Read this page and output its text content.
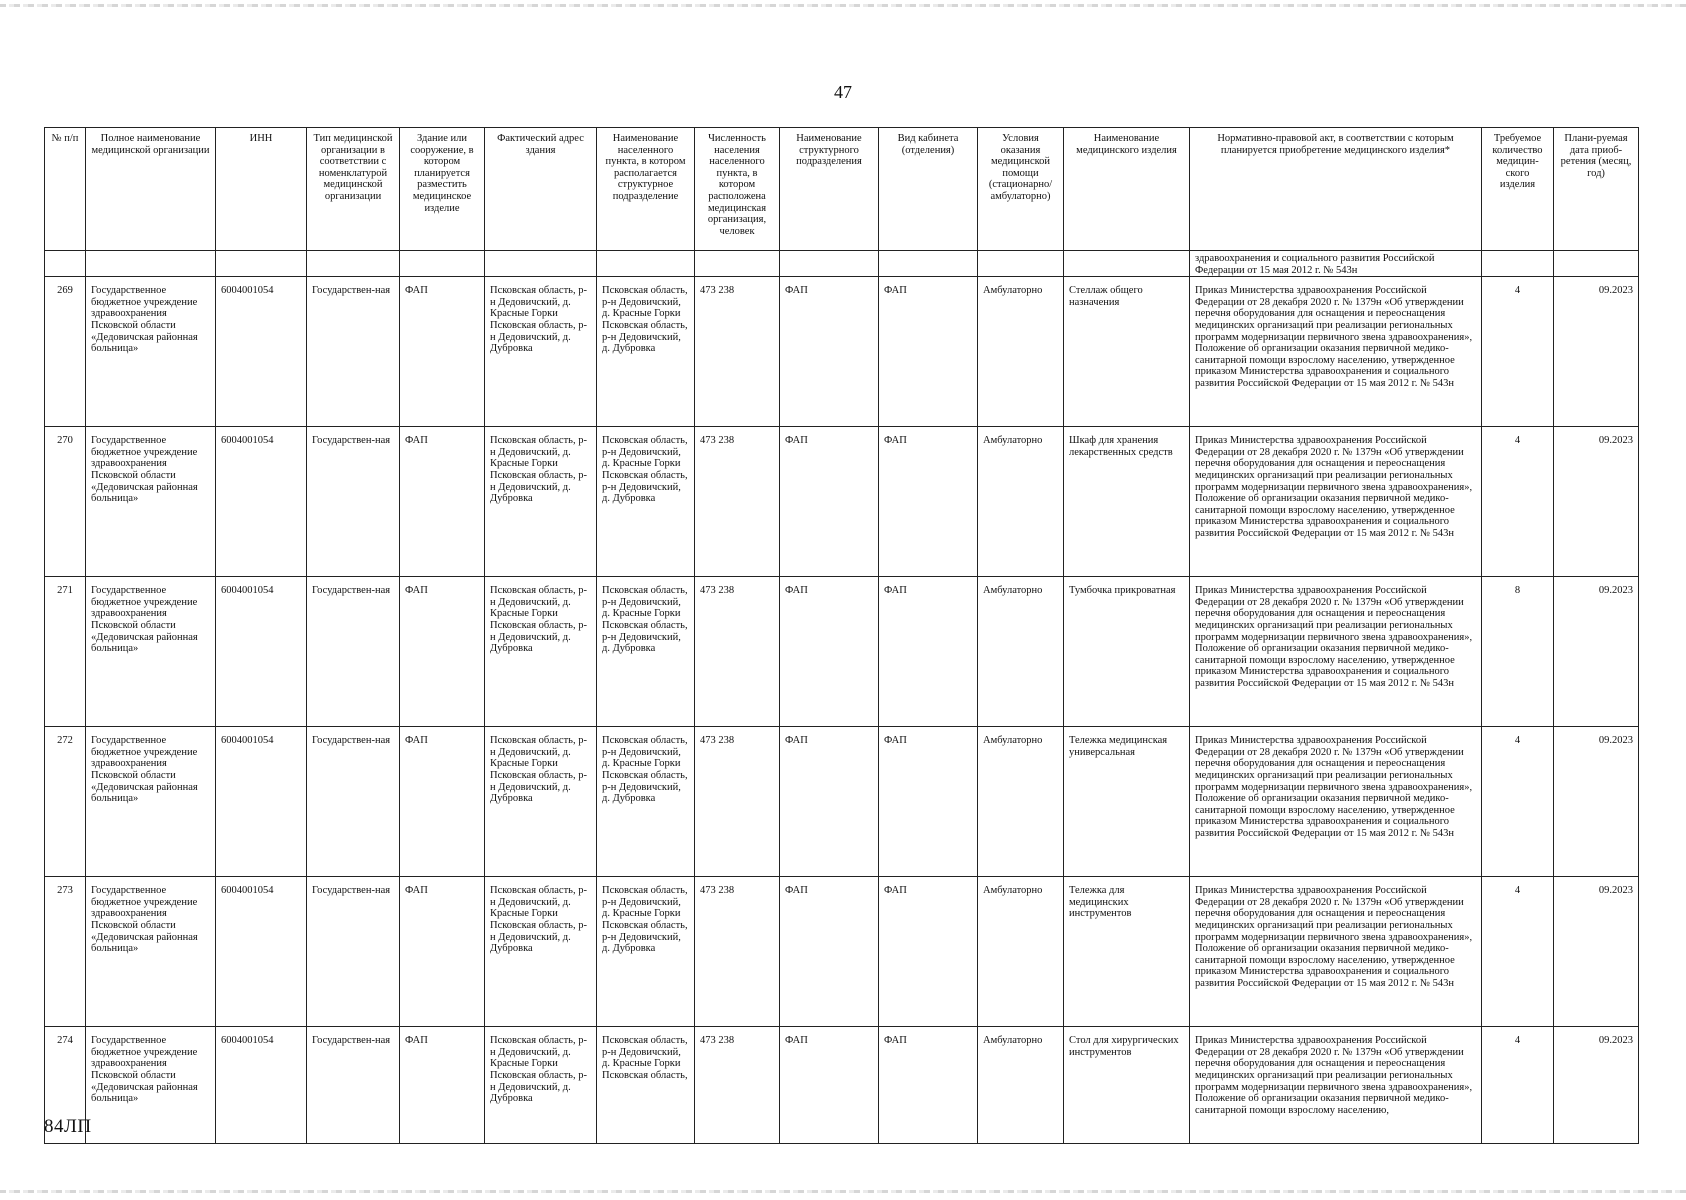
47
№ п/п	Полное наименование медицинской организации	ИНН	Тип медицинской организации в соответствии с номенклатурой медицинской организации	Здание или сооружение, в котором планируется разместить медицинское изделие	Фактический адрес здания	Наименование населенного пункта, в котором располагается структурное подразделение	Численность населения населенного пункта, в котором расположена медицинская организация, человек	Наименование структурного подразделения	Вид кабинета (отделения)	Условия оказания медицинской помощи (стационарно/ амбулаторно)	Наименование медицинского изделия	Нормативно-правовой акт, в соответствии с которым планируется приобретение медицинского изделия*	Требуемое количество медицин-ского изделия	Плани-руемая дата приоб-ретения (месяц, год)
												здравоохранения и социального развития Российской Федерации от 15 мая 2012 г. № 543н		
269	Государственное бюджетное учреждение здравоохранения Псковской области «Дедовичская районная больница»	6004001054	Государствен-ная	ФАП	Псковская область, р-н Дедовичский, д. Красные Горки Псковская область, р-н Дедовичский, д. Дубровка	Псковская область, р-н Дедовичский, д. Красные Горки Псковская область, р-н Дедовичский, д. Дубровка	473 238	ФАП	ФАП	Амбулаторно	Стеллаж общего назначения	Приказ Министерства здравоохранения Российской Федерации от 28 декабря 2020 г. № 1379н «Об утверждении перечня оборудования для оснащения и переоснащения медицинских организаций при реализации региональных программ модернизации первичного звена здравоохранения», Положение об организации оказания первичной медико-санитарной помощи взрослому населению, утвержденное приказом Министерства здравоохранения и социального развития Российской Федерации от 15 мая 2012 г. № 543н	4	09.2023
270	Государственное бюджетное учреждение здравоохранения Псковской области «Дедовичская районная больница»	6004001054	Государствен-ная	ФАП	Псковская область, р-н Дедовичский, д. Красные Горки Псковская область, р-н Дедовичский, д. Дубровка	Псковская область, р-н Дедовичский, д. Красные Горки Псковская область, р-н Дедовичский, д. Дубровка	473 238	ФАП	ФАП	Амбулаторно	Шкаф для хранения лекарственных средств	Приказ Министерства здравоохранения Российской Федерации от 28 декабря 2020 г. № 1379н «Об утверждении перечня оборудования для оснащения и переоснащения медицинских организаций при реализации региональных программ модернизации первичного звена здравоохранения», Положение об организации оказания первичной медико-санитарной помощи взрослому населению, утвержденное приказом Министерства здравоохранения и социального развития Российской Федерации от 15 мая 2012 г. № 543н	4	09.2023
271	Государственное бюджетное учреждение здравоохранения Псковской области «Дедовичская районная больница»	6004001054	Государствен-ная	ФАП	Псковская область, р-н Дедовичский, д. Красные Горки Псковская область, р-н Дедовичский, д. Дубровка	Псковская область, р-н Дедовичский, д. Красные Горки Псковская область, р-н Дедовичский, д. Дубровка	473 238	ФАП	ФАП	Амбулаторно	Тумбочка прикроватная	Приказ Министерства здравоохранения Российской Федерации от 28 декабря 2020 г. № 1379н «Об утверждении перечня оборудования для оснащения и переоснащения медицинских организаций при реализации региональных программ модернизации первичного звена здравоохранения», Положение об организации оказания первичной медико-санитарной помощи взрослому населению, утвержденное приказом Министерства здравоохранения и социального развития Российской Федерации от 15 мая 2012 г. № 543н	8	09.2023
272	Государственное бюджетное учреждение здравоохранения Псковской области «Дедовичская районная больница»	6004001054	Государствен-ная	ФАП	Псковская область, р-н Дедовичский, д. Красные Горки Псковская область, р-н Дедовичский, д. Дубровка	Псковская область, р-н Дедовичский, д. Красные Горки Псковская область, р-н Дедовичский, д. Дубровка	473 238	ФАП	ФАП	Амбулаторно	Тележка медицинская универсальная	Приказ Министерства здравоохранения Российской Федерации от 28 декабря 2020 г. № 1379н «Об утверждении перечня оборудования для оснащения и переоснащения медицинских организаций при реализации региональных программ модернизации первичного звена здравоохранения», Положение об организации оказания первичной медико-санитарной помощи взрослому населению, утвержденное приказом Министерства здравоохранения и социального развития Российской Федерации от 15 мая 2012 г. № 543н	4	09.2023
273	Государственное бюджетное учреждение здравоохранения Псковской области «Дедовичская районная больница»	6004001054	Государствен-ная	ФАП	Псковская область, р-н Дедовичский, д. Красные Горки Псковская область, р-н Дедовичский, д. Дубровка	Псковская область, р-н Дедовичский, д. Красные Горки Псковская область, р-н Дедовичский, д. Дубровка	473 238	ФАП	ФАП	Амбулаторно	Тележка для медицинских инструментов	Приказ Министерства здравоохранения Российской Федерации от 28 декабря 2020 г. № 1379н «Об утверждении перечня оборудования для оснащения и переоснащения медицинских организаций при реализации региональных программ модернизации первичного звена здравоохранения», Положение об организации оказания первичной медико-санитарной помощи взрослому населению, утвержденное приказом Министерства здравоохранения и социального развития Российской Федерации от 15 мая 2012 г. № 543н	4	09.2023
274	Государственное бюджетное учреждение здравоохранения Псковской области «Дедовичская районная больница»	6004001054	Государствен-ная	ФАП	Псковская область, р-н Дедовичский, д. Красные Горки Псковская область, р-н Дедовичский, д. Дубровка	Псковская область, р-н Дедовичский, д. Красные Горки Псковская область,	473 238	ФАП	ФАП	Амбулаторно	Стол для хирургических инструментов	Приказ Министерства здравоохранения Российской Федерации от 28 декабря 2020 г. № 1379н «Об утверждении перечня оборудования для оснащения и переоснащения медицинских организаций при реализации региональных программ модернизации первичного звена здравоохранения», Положение об организации оказания первичной медико-санитарной помощи взрослому населению,	4	09.2023
84ЛП
